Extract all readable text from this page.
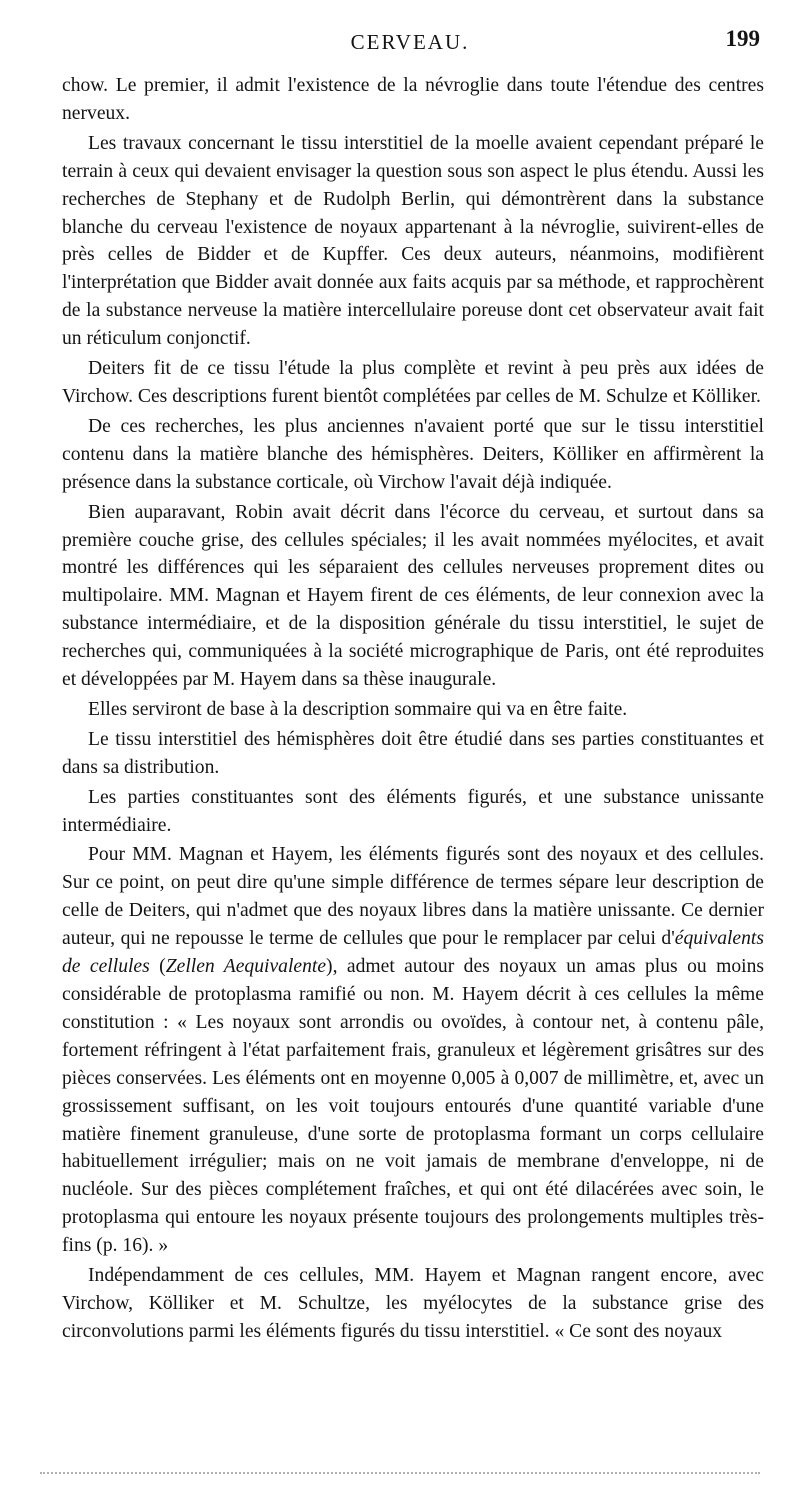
CERVEAU.	199

chow. Le premier, il admit l'existence de la névroglie dans toute l'étendue des centres nerveux.

Les travaux concernant le tissu interstitiel de la moelle avaient cependant préparé le terrain à ceux qui devaient envisager la question sous son aspect le plus étendu. Aussi les recherches de Stephany et de Rudolph Berlin, qui démontrèrent dans la substance blanche du cerveau l'existence de noyaux appartenant à la névroglie, suivirent-elles de près celles de Bidder et de Kupffer. Ces deux auteurs, néanmoins, modifièrent l'interprétation que Bidder avait donnée aux faits acquis par sa méthode, et rapprochèrent de la substance nerveuse la matière intercellulaire poreuse dont cet observateur avait fait un réticulum conjonctif.

Deiters fit de ce tissu l'étude la plus complète et revint à peu près aux idées de Virchow. Ces descriptions furent bientôt complétées par celles de M. Schulze et Kölliker.

De ces recherches, les plus anciennes n'avaient porté que sur le tissu interstitiel contenu dans la matière blanche des hémisphères. Deiters, Kölliker en affirmèrent la présence dans la substance corticale, où Virchow l'avait déjà indiquée.

Bien auparavant, Robin avait décrit dans l'écorce du cerveau, et surtout dans sa première couche grise, des cellules spéciales; il les avait nommées myélocites, et avait montré les différences qui les séparaient des cellules nerveuses proprement dites ou multipolaire. MM. Magnan et Hayem firent de ces éléments, de leur connexion avec la substance intermédiaire, et de la disposition générale du tissu interstitiel, le sujet de recherches qui, communiquées à la société micrographique de Paris, ont été reproduites et développées par M. Hayem dans sa thèse inaugurale.

Elles serviront de base à la description sommaire qui va en être faite.

Le tissu interstitiel des hémisphères doit être étudié dans ses parties constituantes et dans sa distribution.

Les parties constituantes sont des éléments figurés, et une substance unissante intermédiaire.

Pour MM. Magnan et Hayem, les éléments figurés sont des noyaux et des cellules. Sur ce point, on peut dire qu'une simple différence de termes sépare leur description de celle de Deiters, qui n'admet que des noyaux libres dans la matière unissante. Ce dernier auteur, qui ne repousse le terme de cellules que pour le remplacer par celui d'équivalents de cellules (Zellen Aequivalente), admet autour des noyaux un amas plus ou moins considérable de protoplasma ramifié ou non. M. Hayem décrit à ces cellules la même constitution : « Les noyaux sont arrondis ou ovoïdes, à contour net, à contenu pâle, fortement réfringent à l'état parfaitement frais, granuleux et légèrement grisâtres sur des pièces conservées. Les éléments ont en moyenne 0,005 à 0,007 de millimètre, et, avec un grossissement suffisant, on les voit toujours entourés d'une quantité variable d'une matière finement granuleuse, d'une sorte de protoplasma formant un corps cellulaire habituellement irrégulier; mais on ne voit jamais de membrane d'enveloppe, ni de nucléole. Sur des pièces complétement fraîches, et qui ont été dilacérées avec soin, le protoplasma qui entoure les noyaux présente toujours des prolongements multiples très-fins (p. 16). »

Indépendamment de ces cellules, MM. Hayem et Magnan rangent encore, avec Virchow, Kölliker et M. Schultze, les myélocytes de la substance grise des circonvolutions parmi les éléments figurés du tissu interstitiel. « Ce sont des noyaux
